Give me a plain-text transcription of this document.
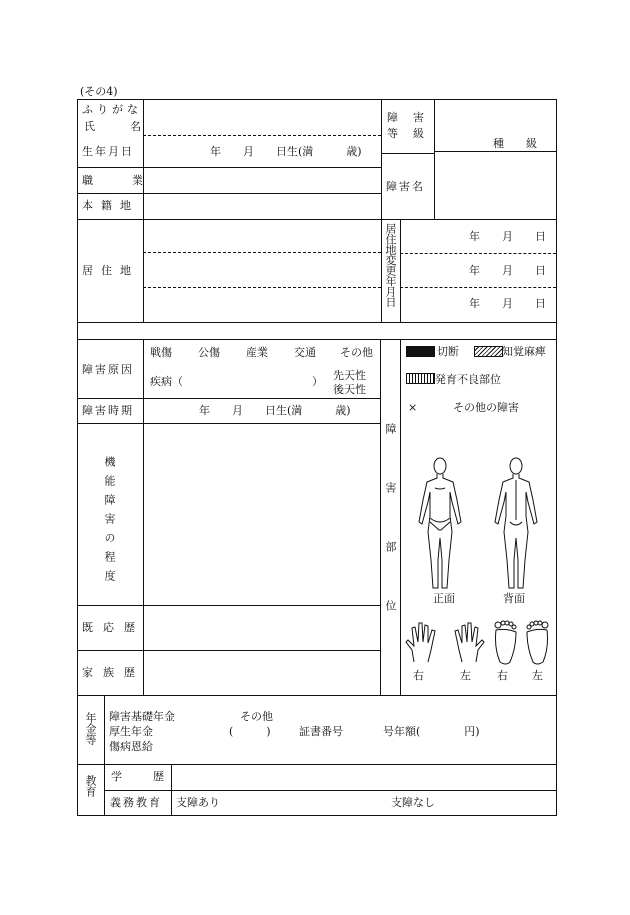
(その4)
ふりがな
氏　名
生年月日	年　　月　　日生(満　　　歳)
職　業
本籍地
居住地
障　害
等　級
種　　級
障害名
居住地変更年月日	年　　月　　日
年　　月　　日
年　　月　　日
障害原因
戦傷 公傷 産業 交通 その他
疾病（	） 先天性
後天性
障害時期	年　　月　　日生(満　　　歳)
機能障害の程度
既応歴
家族歴
障害部位
切断	知覚麻痺
発育不良部位
×	その他の障害
正面	背面
右	左 右 左
年金等 障害基礎年金	その他
厚生年金	(　　　)	証書番号	号年額(　　　　円)
傷病恩給
教育 学　歴
義務教育 支障あり	支障なし
